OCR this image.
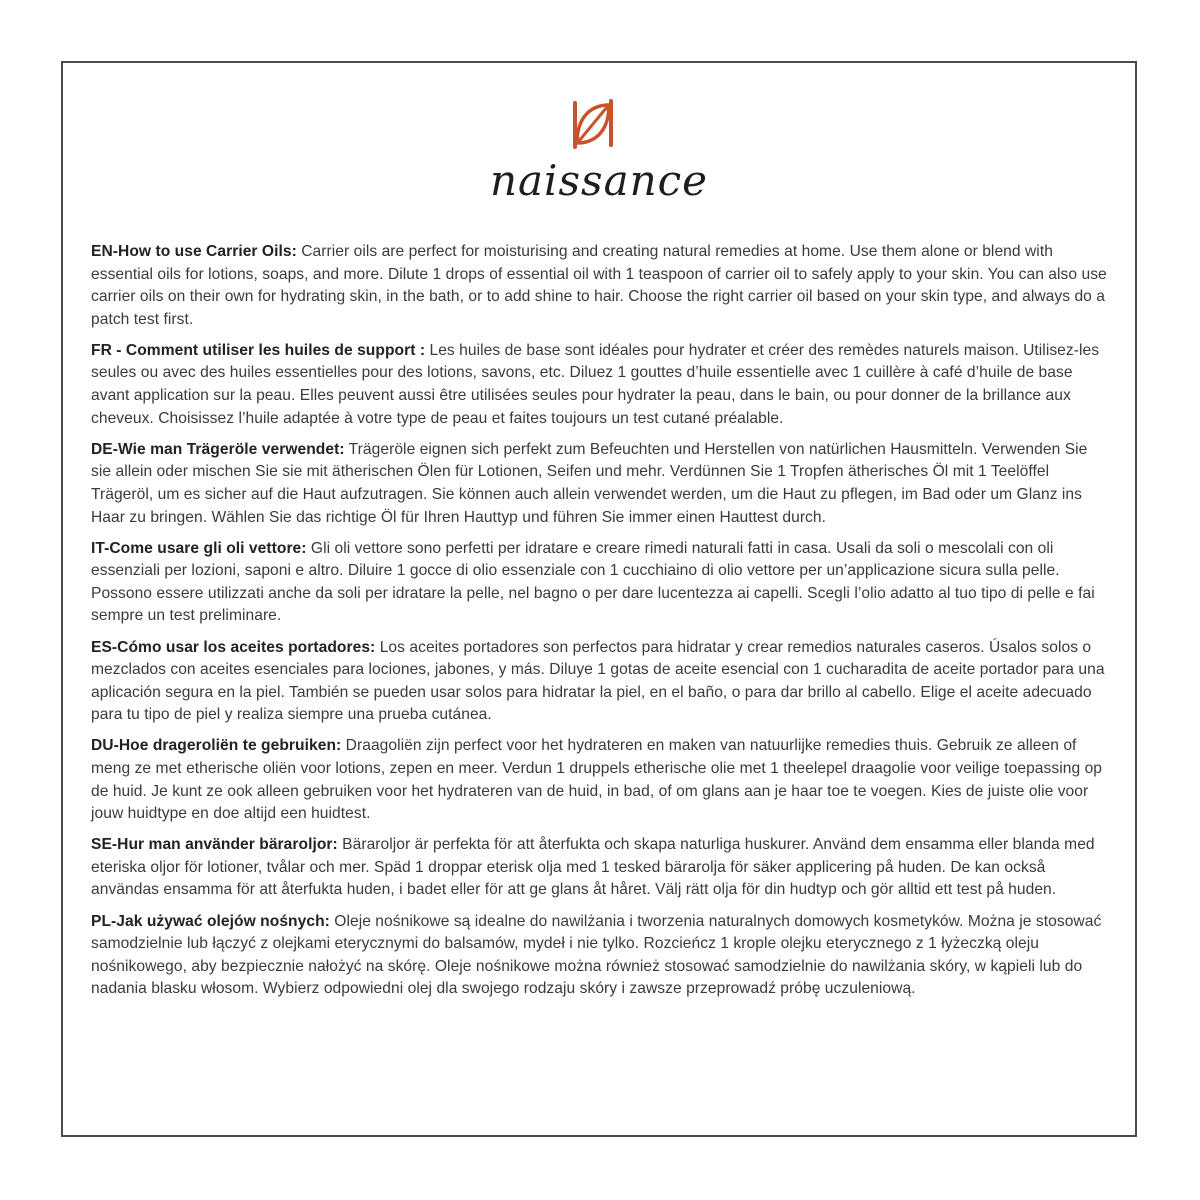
naissance

EN-How to use Carrier Oils: Carrier oils are perfect for moisturising and creating natural remedies at home. Use them alone or blend with essential oils for lotions, soaps, and more. Dilute 1 drops of essential oil with 1 teaspoon of carrier oil to safely apply to your skin. You can also use carrier oils on their own for hydrating skin, in the bath, or to add shine to hair. Choose the right carrier oil based on your skin type, and always do a patch test first.

FR - Comment utiliser les huiles de support : Les huiles de base sont idéales pour hydrater et créer des remèdes naturels maison. Utilisez-les seules ou avec des huiles essentielles pour des lotions, savons, etc. Diluez 1 gouttes d’huile essentielle avec 1 cuillère à café d’huile de base avant application sur la peau. Elles peuvent aussi être utilisées seules pour hydrater la peau, dans le bain, ou pour donner de la brillance aux cheveux. Choisissez l’huile adaptée à votre type de peau et faites toujours un test cutané préalable.

DE-Wie man Trägeröle verwendet: Trägeröle eignen sich perfekt zum Befeuchten und Herstellen von natürlichen Hausmitteln. Verwenden Sie sie allein oder mischen Sie sie mit ätherischen Ölen für Lotionen, Seifen und mehr. Verdünnen Sie 1 Tropfen ätherisches Öl mit 1 Teelöffel Trägeröl, um es sicher auf die Haut aufzutragen. Sie können auch allein verwendet werden, um die Haut zu pflegen, im Bad oder um Glanz ins Haar zu bringen. Wählen Sie das richtige Öl für Ihren Hauttyp und führen Sie immer einen Hauttest durch.

IT-Come usare gli oli vettore: Gli oli vettore sono perfetti per idratare e creare rimedi naturali fatti in casa. Usali da soli o mescolali con oli essenziali per lozioni, saponi e altro. Diluire 1 gocce di olio essenziale con 1 cucchiaino di olio vettore per un’applicazione sicura sulla pelle. Possono essere utilizzati anche da soli per idratare la pelle, nel bagno o per dare lucentezza ai capelli. Scegli l’olio adatto al tuo tipo di pelle e fai sempre un test preliminare.

ES-Cómo usar los aceites portadores: Los aceites portadores son perfectos para hidratar y crear remedios naturales caseros. Úsalos solos o mezclados con aceites esenciales para lociones, jabones, y más. Diluye 1 gotas de aceite esencial con 1 cucharadita de aceite portador para una aplicación segura en la piel. También se pueden usar solos para hidratar la piel, en el baño, o para dar brillo al cabello. Elige el aceite adecuado para tu tipo de piel y realiza siempre una prueba cutánea.

DU-Hoe drageroliën te gebruiken: Draagoliën zijn perfect voor het hydrateren en maken van natuurlijke remedies thuis. Gebruik ze alleen of meng ze met etherische oliën voor lotions, zepen en meer. Verdun 1 druppels etherische olie met 1 theelepel draagolie voor veilige toepassing op de huid. Je kunt ze ook alleen gebruiken voor het hydrateren van de huid, in bad, of om glans aan je haar toe te voegen. Kies de juiste olie voor jouw huidtype en doe altijd een huidtest.

SE-Hur man använder bäraroljor: Bäraroljor är perfekta för att återfukta och skapa naturliga huskurer. Använd dem ensamma eller blanda med eteriska oljor för lotioner, tvålar och mer. Späd 1 droppar eterisk olja med 1 tesked bärarolja för säker applicering på huden. De kan också användas ensamma för att återfukta huden, i badet eller för att ge glans åt håret. Välj rätt olja för din hudtyp och gör alltid ett test på huden.

PL-Jak używać olejów nośnych: Oleje nośnikowe są idealne do nawilżania i tworzenia naturalnych domowych kosmetyków. Można je stosować samodzielnie lub łączyć z olejkami eterycznymi do balsamów, mydeł i nie tylko. Rozcieńcz 1 krople olejku eterycznego z 1 łyżeczką oleju nośnikowego, aby bezpiecznie nałożyć na skórę. Oleje nośnikowe można również stosować samodzielnie do nawilżania skóry, w kąpieli lub do nadania blasku włosom. Wybierz odpowiedni olej dla swojego rodzaju skóry i zawsze przeprowadź próbę uczuleniową.
